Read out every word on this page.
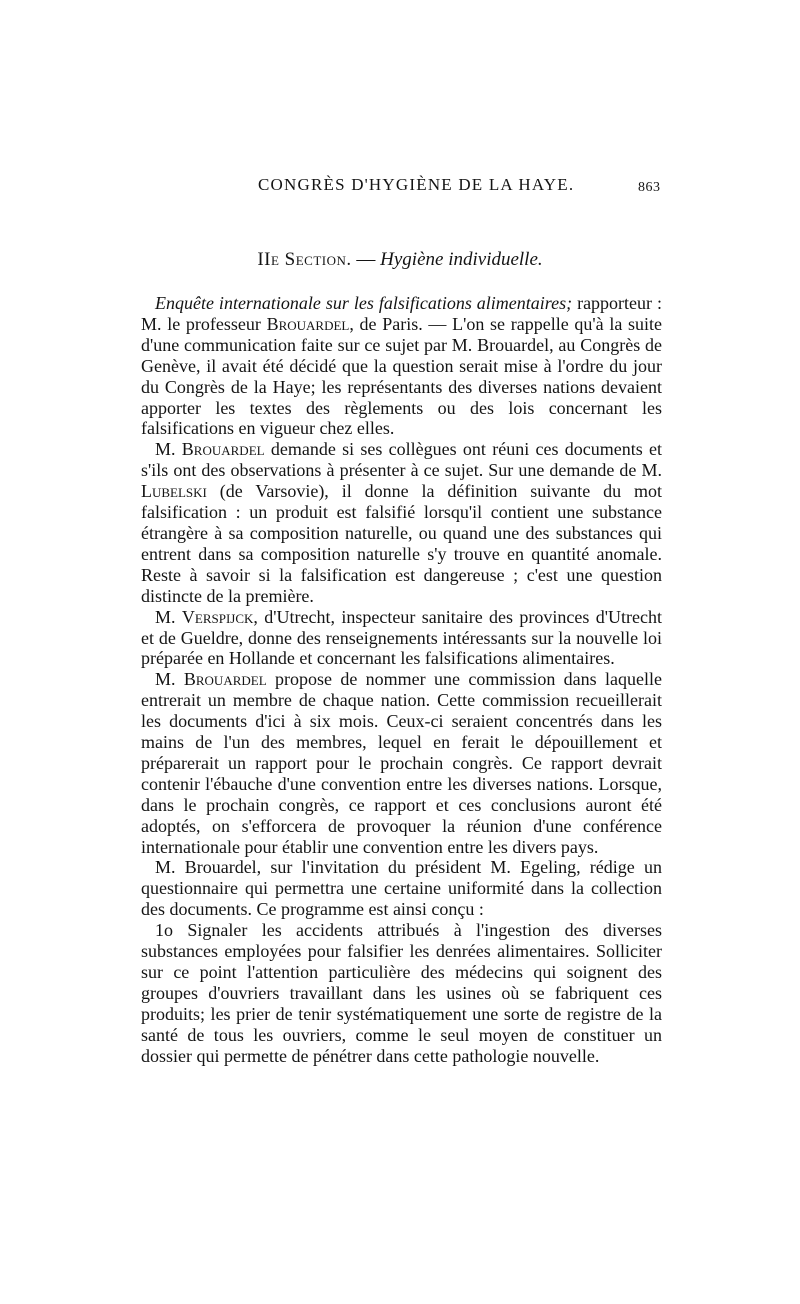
CONGRÈS D'HYGIÈNE DE LA HAYE.	863
IIe Section. — Hygiène individuelle.

Enquête internationale sur les falsifications alimentaires; rapporteur : M. le professeur Brouardel, de Paris. — L'on se rappelle qu'à la suite d'une communication faite sur ce sujet par M. Brouardel, au Congrès de Genève, il avait été décidé que la question serait mise à l'ordre du jour du Congrès de la Haye; les représentants des diverses nations devaient apporter les textes des règlements ou des lois concernant les falsifications en vigueur chez elles.

M. Brouardel demande si ses collègues ont réuni ces documents et s'ils ont des observations à présenter à ce sujet. Sur une demande de M. Lubelski (de Varsovie), il donne la définition suivante du mot falsification : un produit est falsifié lorsqu'il contient une substance étrangère à sa composition naturelle, ou quand une des substances qui entrent dans sa composition naturelle s'y trouve en quantité anomale. Reste à savoir si la falsification est dangereuse ; c'est une question distincte de la première.

M. Verspijck, d'Utrecht, inspecteur sanitaire des provinces d'Utrecht et de Gueldre, donne des renseignements intéressants sur la nouvelle loi préparée en Hollande et concernant les falsifications alimentaires.

M. Brouardel propose de nommer une commission dans laquelle entrerait un membre de chaque nation. Cette commission recueillerait les documents d'ici à six mois. Ceux-ci seraient concentrés dans les mains de l'un des membres, lequel en ferait le dépouillement et préparerait un rapport pour le prochain congrès. Ce rapport devrait contenir l'ébauche d'une convention entre les diverses nations. Lorsque, dans le prochain congrès, ce rapport et ces conclusions auront été adoptés, on s'efforcera de provoquer la réunion d'une conférence internationale pour établir une convention entre les divers pays.

M. Brouardel, sur l'invitation du président M. Egeling, rédige un questionnaire qui permettra une certaine uniformité dans la collection des documents. Ce programme est ainsi conçu :

1o Signaler les accidents attribués à l'ingestion des diverses substances employées pour falsifier les denrées alimentaires. Solliciter sur ce point l'attention particulière des médecins qui soignent des groupes d'ouvriers travaillant dans les usines où se fabriquent ces produits; les prier de tenir systématiquement une sorte de registre de la santé de tous les ouvriers, comme le seul moyen de constituer un dossier qui permette de pénétrer dans cette pathologie nouvelle.
